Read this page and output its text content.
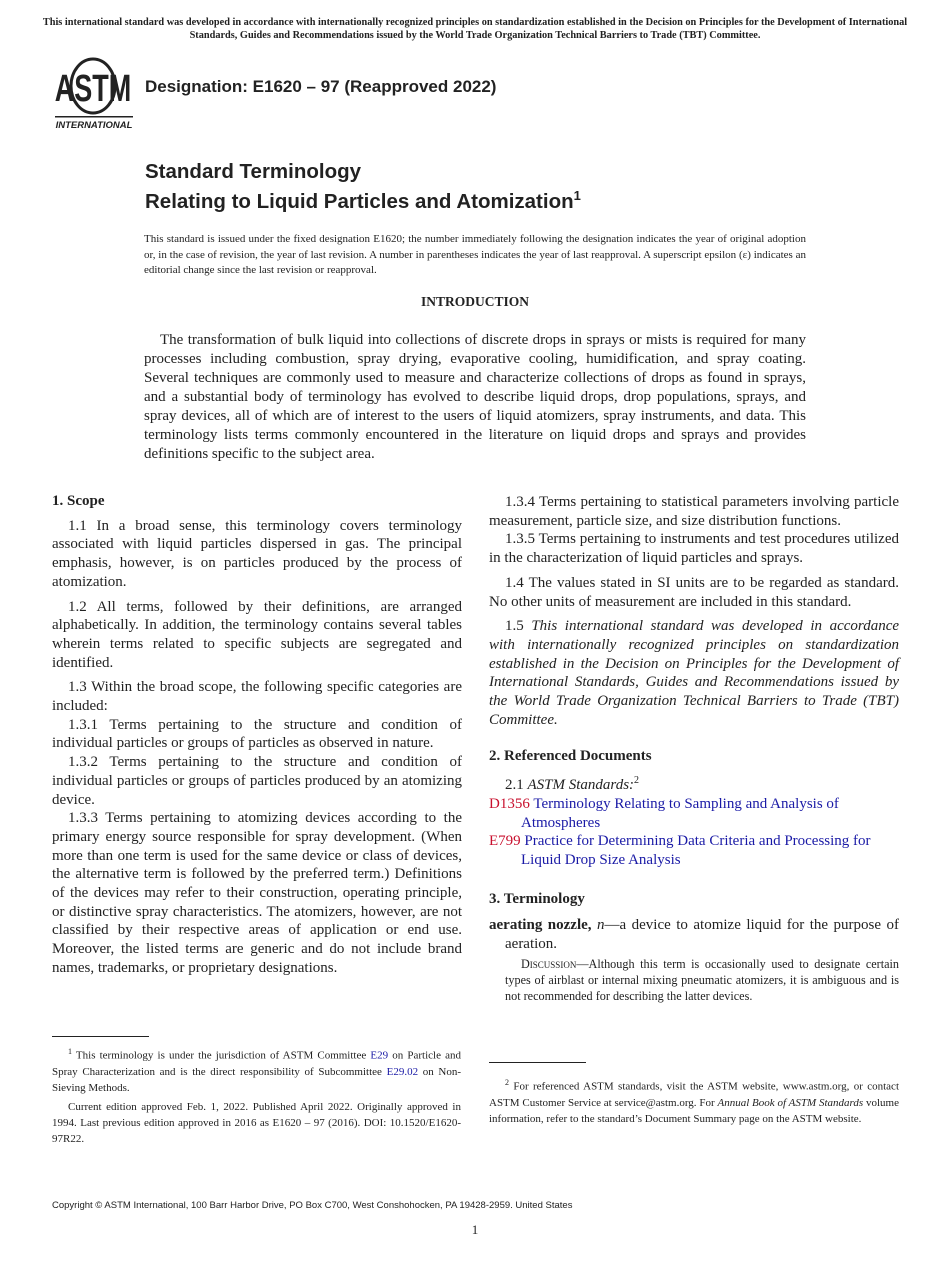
This international standard was developed in accordance with internationally recognized principles on standardization established in the Decision on Principles for the Development of International Standards, Guides and Recommendations issued by the World Trade Organization Technical Barriers to Trade (TBT) Committee.
ASTM
INTERNATIONAL
Designation: E1620 – 97 (Reapproved 2022)
Standard Terminology
Relating to Liquid Particles and Atomization$^1$
This standard is issued under the fixed designation E1620; the number immediately following the designation indicates the year of original adoption or, in the case of revision, the year of last revision. A number in parentheses indicates the year of last reapproval. A superscript epsilon (ε) indicates an editorial change since the last revision or reapproval.
INTRODUCTION
The transformation of bulk liquid into collections of discrete drops in sprays or mists is required for many processes including combustion, spray drying, evaporative cooling, humidification, and spray coating. Several techniques are commonly used to measure and characterize collections of drops as found in sprays, and a substantial body of terminology has evolved to describe liquid drops, drop populations, sprays, and spray devices, all of which are of interest to the users of liquid atomizers, spray instruments, and data. This terminology lists terms commonly encountered in the literature on liquid drops and sprays and provides definitions specific to the subject area.
1. Scope

1.1 In a broad sense, this terminology covers terminology associated with liquid particles dispersed in gas. The principal emphasis, however, is on particles produced by the process of atomization.

1.2 All terms, followed by their definitions, are arranged alphabetically. In addition, the terminology contains several tables wherein terms related to specific subjects are segregated and identified.

1.3 Within the broad scope, the following specific categories are included:

1.3.1 Terms pertaining to the structure and condition of individual particles or groups of particles as observed in nature.

1.3.2 Terms pertaining to the structure and condition of individual particles or groups of particles produced by an atomizing device.

1.3.3 Terms pertaining to atomizing devices according to the primary energy source responsible for spray development. (When more than one term is used for the same device or class of devices, the alternative term is followed by the preferred term.) Definitions of the devices may refer to their construction, operating principle, or distinctive spray characteristics. The atomizers, however, are not classified by their respective areas of application or end use. Moreover, the listed terms are generic and do not include brand names, trademarks, or proprietary designations.

1.3.4 Terms pertaining to statistical parameters involving particle measurement, particle size, and size distribution functions.

1.3.5 Terms pertaining to instruments and test procedures utilized in the characterization of liquid particles and sprays.

1.4 The values stated in SI units are to be regarded as standard. No other units of measurement are included in this standard.

1.5 This international standard was developed in accordance with internationally recognized principles on standardization established in the Decision on Principles for the Development of International Standards, Guides and Recommendations issued by the World Trade Organization Technical Barriers to Trade (TBT) Committee.

2. Referenced Documents

2.1 ASTM Standards:$^2$

D1356 Terminology Relating to Sampling and Analysis of Atmospheres
E799 Practice for Determining Data Criteria and Processing for Liquid Drop Size Analysis
3. Terminology

aerating nozzle, n—a device to atomize liquid for the purpose of aeration.

Discussion—Although this term is occasionally used to designate certain types of airblast or internal mixing pneumatic atomizers, it is ambiguous and is not recommended for describing the latter devices.

$^1$ This terminology is under the jurisdiction of ASTM Committee E29 on Particle and Spray Characterization and is the direct responsibility of Subcommittee E29.02 on Non-Sieving Methods.

Current edition approved Feb. 1, 2022. Published April 2022. Originally approved in 1994. Last previous edition approved in 2016 as E1620 – 97 (2016). DOI: 10.1520/E1620-97R22.

$^2$ For referenced ASTM standards, visit the ASTM website, www.astm.org, or contact ASTM Customer Service at service@astm.org. For Annual Book of ASTM Standards volume information, refer to the standard’s Document Summary page on the ASTM website.

Copyright © ASTM International, 100 Barr Harbor Drive, PO Box C700, West Conshohocken, PA 19428-2959. United States
1
